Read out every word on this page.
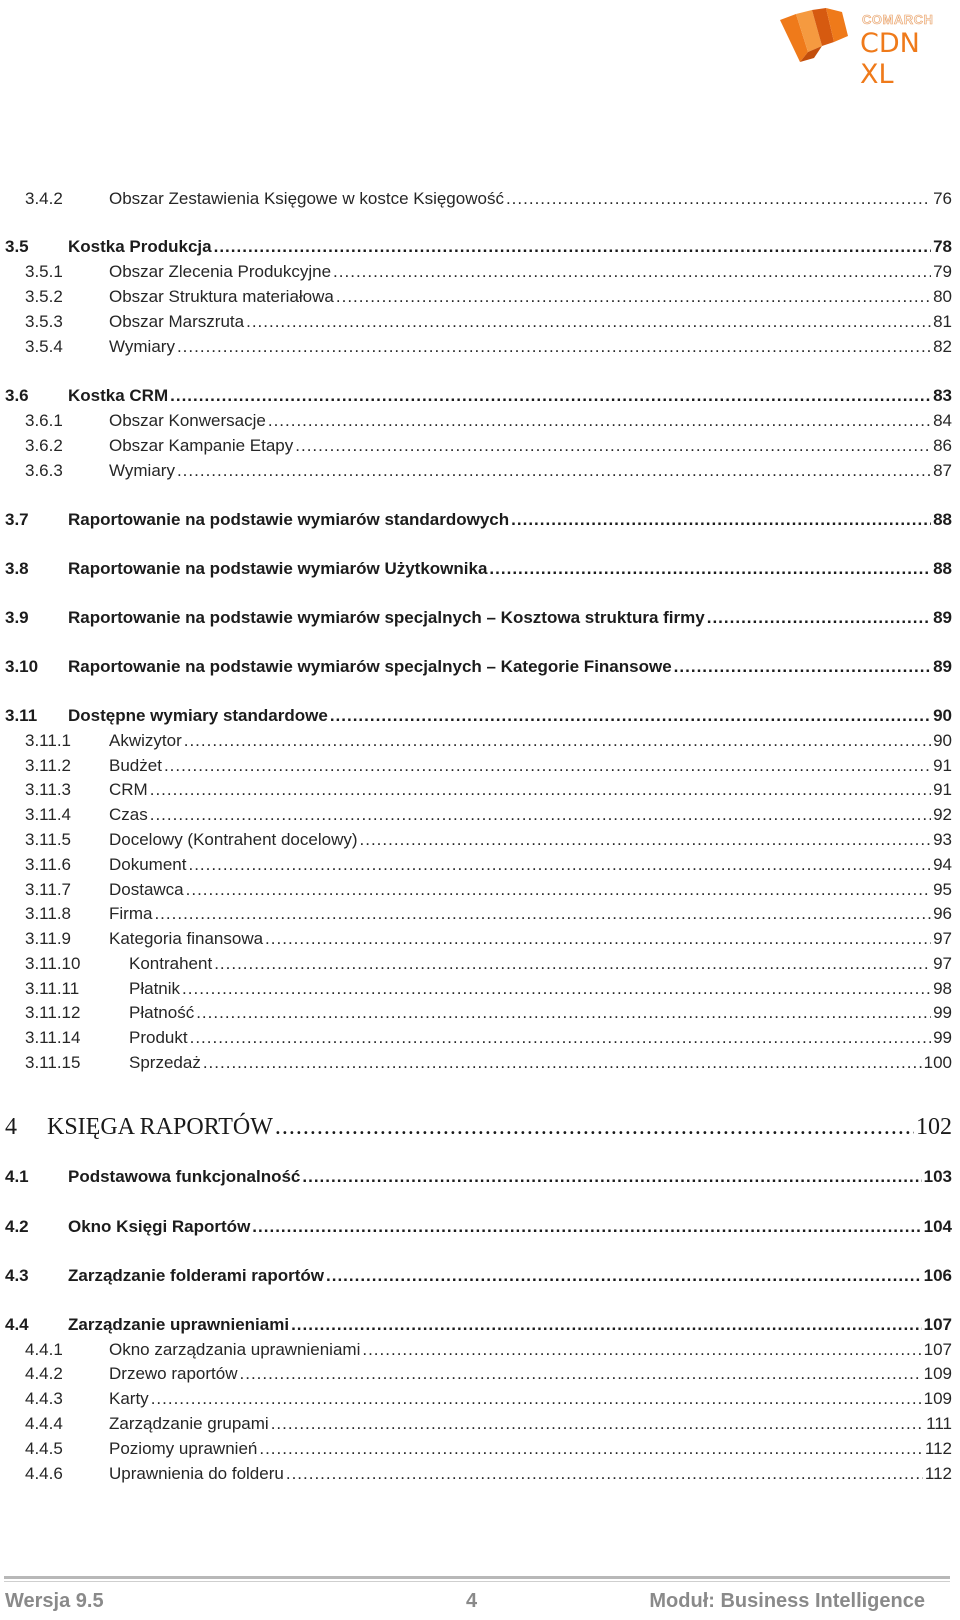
COMARCH
CDN XL
3.4.2	Obszar Zestawienia Księgowe w kostce Księgowość .....	76
3.5	Kostka Produkcja .....	78
3.5.1	Obszar Zlecenia Produkcyjne .....	79
3.5.2	Obszar Struktura materiałowa .....	80
3.5.3	Obszar Marszruta .....	81
3.5.4	Wymiary .....	82
3.6	Kostka CRM .....	83
3.6.1	Obszar Konwersacje .....	84
3.6.2	Obszar Kampanie Etapy .....	86
3.6.3	Wymiary .....	87
3.7	Raportowanie na podstawie wymiarów standardowych .....	88
3.8	Raportowanie na podstawie wymiarów Użytkownika .....	88
3.9	Raportowanie na podstawie wymiarów specjalnych – Kosztowa struktura firmy .....	89
3.10	Raportowanie na podstawie wymiarów specjalnych – Kategorie Finansowe .....	89
3.11	Dostępne wymiary standardowe .....	90
3.11.1	Akwizytor .....	90
3.11.2	Budżet .....	91
3.11.3	CRM .....	91
3.11.4	Czas .....	92
3.11.5	Docelowy (Kontrahent docelowy) .....	93
3.11.6	Dokument .....	94
3.11.7	Dostawca .....	95
3.11.8	Firma .....	96
3.11.9	Kategoria finansowa .....	97
3.11.10	Kontrahent .....	97
3.11.11	Płatnik .....	98
3.11.12	Płatność .....	99
3.11.14	Produkt .....	99
3.11.15	Sprzedaż .....	100
4	KSIĘGA RAPORTÓW .....	102
4.1	Podstawowa funkcjonalność .....	103
4.2	Okno Księgi Raportów .....	104
4.3	Zarządzanie folderami raportów .....	106
4.4	Zarządzanie uprawnieniami .....	107
4.4.1	Okno zarządzania uprawnieniami .....	107
4.4.2	Drzewo raportów .....	109
4.4.3	Karty .....	109
4.4.4	Zarządzanie grupami .....	111
4.4.5	Poziomy uprawnień .....	112
4.4.6	Uprawnienia do folderu .....	112
Wersja 9.5	4	Moduł: Business Intelligence
